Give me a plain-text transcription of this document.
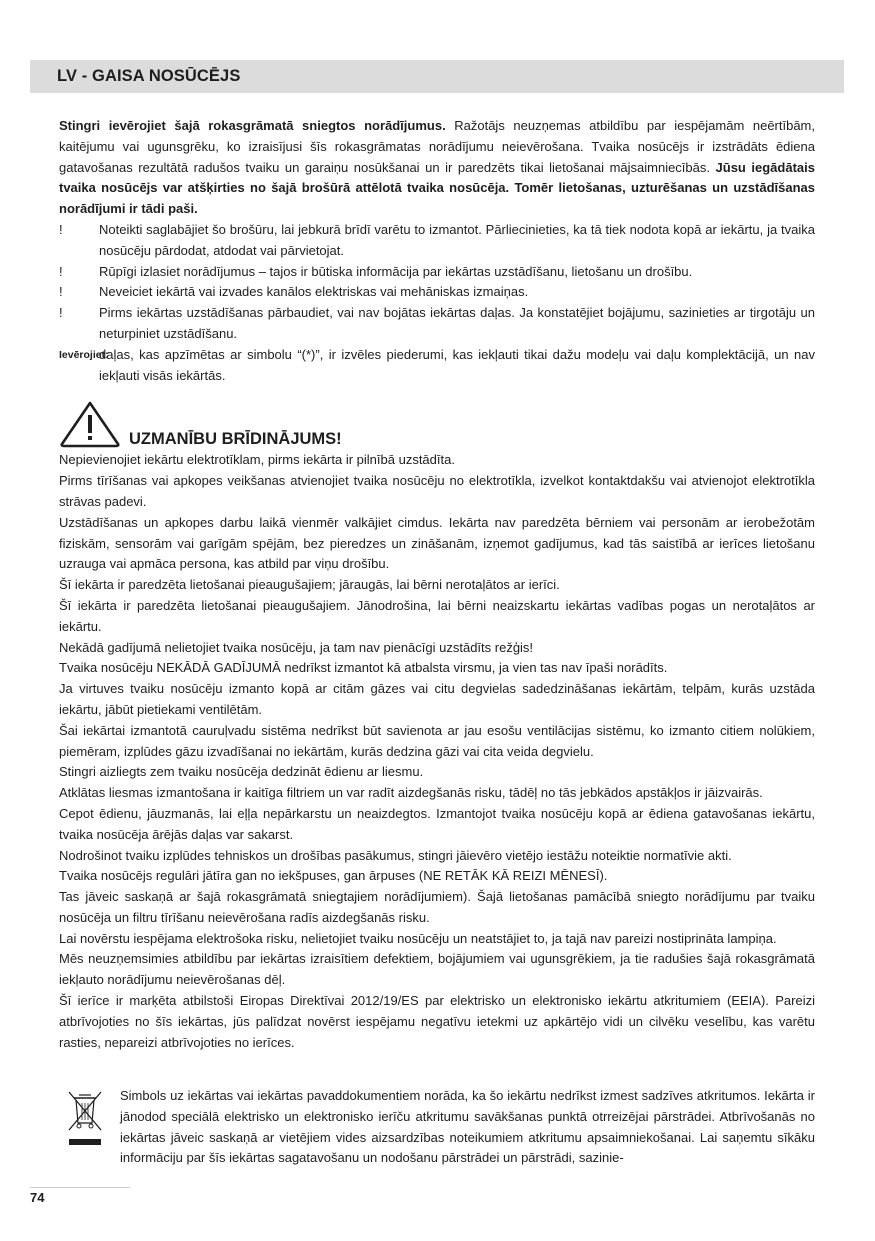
LV - GAISA NOSŪCĒJS

Stingri ievērojiet šajā rokasgrāmatā sniegtos norādījumus. Ražotājs neuzņemas atbildību par iespējamām neērtībām, kaitējumu vai ugunsgrēku, ko izraisījusi šīs rokasgrāmatas norādījumu neievērošana. Tvaika nosūcējs ir izstrādāts ēdiena gatavošanas rezultātā radušos tvaiku un garaiņu nosūkšanai un ir paredzēts tikai lietošanai mājsaimniecībās. Jūsu iegādātais tvaika nosūcējs var atšķirties no šajā brošūrā attēlotā tvaika nosūcēja. Tomēr lietošanas, uzturēšanas un uzstādīšanas norādījumi ir tādi paši.

!	Noteikti saglabājiet šo brošūru, lai jebkurā brīdī varētu to izmantot. Pārliecinieties, ka tā tiek nodota kopā ar iekārtu, ja tvaika nosūcēju pārdodat, atdodat vai pārvietojat.
!	Rūpīgi izlasiet norādījumus – tajos ir būtiska informācija par iekārtas uzstādīšanu, lietošanu un drošību.
!	Neveiciet iekārtā vai izvades kanālos elektriskas vai mehāniskas izmaiņas.
!	Pirms iekārtas uzstādīšanas pārbaudiet, vai nav bojātas iekārtas daļas. Ja konstatējiet bojājumu, sazinieties ar tirgotāju un neturpiniet uzstādīšanu.
Ievērojiet:
daļas, kas apzīmētas ar simbolu “(*)”, ir izvēles piederumi, kas iekļauti tikai dažu modeļu vai daļu komplektācijā, un nav iekļauti visās iekārtās.
UZMANĪBU BRĪDINĀJUMS!

Nepievienojiet iekārtu elektrotīklam, pirms iekārta ir pilnībā uzstādīta.

Pirms tīrīšanas vai apkopes veikšanas atvienojiet tvaika nosūcēju no elektrotīkla, izvelkot kontaktdakšu vai atvienojot elektrotīkla strāvas padevi.

Uzstādīšanas un apkopes darbu laikā vienmēr valkājiet cimdus. Iekārta nav paredzēta bērniem vai personām ar ierobežotām fiziskām, sensorām vai garīgām spējām, bez pieredzes un zināšanām, izņemot gadījumus, kad tās saistībā ar ierīces lietošanu uzrauga vai apmāca persona, kas atbild par viņu drošību.

Šī iekārta ir paredzēta lietošanai pieaugušajiem; jāraugās, lai bērni nerotaļātos ar ierīci.

Šī iekārta ir paredzēta lietošanai pieaugušajiem. Jānodrošina, lai bērni neaizskartu iekārtas vadības pogas un nerotaļātos ar iekārtu.

Nekādā gadījumā nelietojiet tvaika nosūcēju, ja tam nav pienācīgi uzstādīts režģis!

Tvaika nosūcēju NEKĀDĀ GADĪJUMĀ nedrīkst izmantot kā atbalsta virsmu, ja vien tas nav īpaši norādīts.

Ja virtuves tvaiku nosūcēju izmanto kopā ar citām gāzes vai citu degvielas sadedzināšanas iekārtām, telpām, kurās uzstāda iekārtu, jābūt pietiekami ventilētām.

Šai iekārtai izmantotā cauruļvadu sistēma nedrīkst būt savienota ar jau esošu ventilācijas sistēmu, ko izmanto citiem nolūkiem, piemēram, izplūdes gāzu izvadīšanai no iekārtām, kurās dedzina gāzi vai cita veida degvielu.

Stingri aizliegts zem tvaiku nosūcēja dedzināt ēdienu ar liesmu.

Atklātas liesmas izmantošana ir kaitīga filtriem un var radīt aizdegšanās risku, tādēļ no tās jebkādos apstākļos ir jāizvairās.

Cepot ēdienu, jāuzmanās, lai eļļa nepārkarstu un neaizdegtos. Izmantojot tvaika nosūcēju kopā ar ēdiena gatavošanas iekārtu, tvaika nosūcēja ārējās daļas var sakarst.

Nodrošinot tvaiku izplūdes tehniskos un drošības pasākumus, stingri jāievēro vietējo iestāžu noteiktie normatīvie akti.

Tvaika nosūcējs regulāri jātīra gan no iekšpuses, gan ārpuses (NE RETĀK KĀ REIZI MĒNESĪ).

Tas jāveic saskaņā ar šajā rokasgrāmatā sniegtajiem norādījumiem). Šajā lietošanas pamācībā sniegto norādījumu par tvaiku nosūcēja un filtru tīrīšanu neievērošana radīs aizdegšanās risku.

Lai novērstu iespējama elektrošoka risku, nelietojiet tvaiku nosūcēju un neatstājiet to, ja tajā nav pareizi nostiprināta lampiņa.

Mēs neuzņemsimies atbildību par iekārtas izraisītiem defektiem, bojājumiem vai ugunsgrēkiem, ja tie radušies šajā rokasgrāmatā iekļauto norādījumu neievērošanas dēļ.

Šī ierīce ir marķēta atbilstoši Eiropas Direktīvai 2012/19/ES par elektrisko un elektronisko iekārtu atkritumiem (EEIA). Pareizi atbrīvojoties no šīs iekārtas, jūs palīdzat novērst iespējamu negatīvu ietekmi uz apkārtējo vidi un cilvēku veselību, kas varētu rasties, nepareizi atbrīvojoties no ierīces.

Simbols uz iekārtas vai iekārtas pavaddokumentiem norāda, ka šo iekārtu nedrīkst izmest sadzīves atkritumos. Iekārta ir jānodod speciālā elektrisko un elektronisko ierīču atkritumu savākšanas punktā otrreizējai pārstrādei. Atbrīvošanās no iekārtas jāveic saskaņā ar vietējiem vides aizsardzības noteikumiem atkritumu apsaimniekošanai. Lai saņemtu sīkāku informāciju par šīs iekārtas sagatavošanu un nodošanu pārstrādei un pārstrādi, sazinie-
74
